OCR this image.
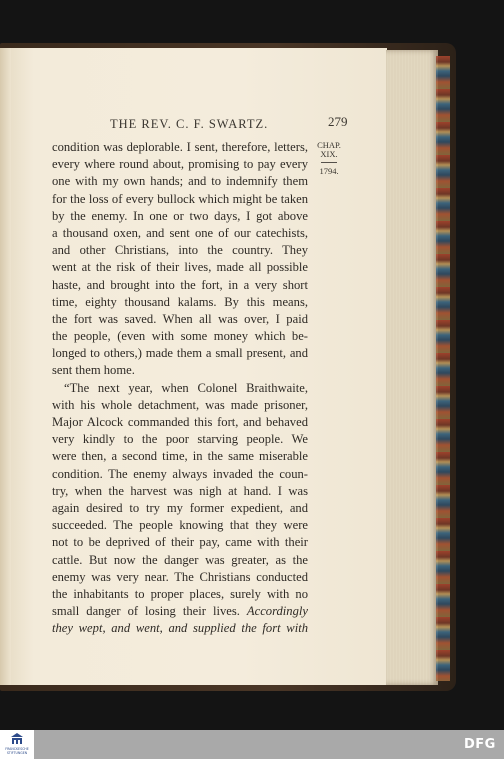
THE REV. C. F. SWARTZ.	279
CHAP.
XIX.
1794.
condition was deplorable. I sent, therefore, letters,
every where round about, promising to pay every
one with my own hands; and to indemnify them
for the loss of every bullock which might be taken
by the enemy. In one or two days, I got above
a thousand oxen, and sent one of our catechists,
and other Christians, into the country. They
went at the risk of their lives, made all possible
haste, and brought into the fort, in a very short
time, eighty thousand kalams. By this means,
the fort was saved. When all was over, I paid
the people, (even with some money which be-
longed to others,) made them a small present, and
sent them home.
“The next year, when Colonel Braithwaite,
with his whole detachment, was made prisoner,
Major Alcock commanded this fort, and behaved
very kindly to the poor starving people. We
were then, a second time, in the same miserable
condition. The enemy always invaded the coun-
try, when the harvest was nigh at hand. I was
again desired to try my former expedient, and
succeeded. The people knowing that they were
not to be deprived of their pay, came with their
cattle. But now the danger was greater, as the
enemy was very near. The Christians conducted
the inhabitants to proper places, surely with no
small danger of losing their lives. Accordingly
they wept, and went, and supplied the fort with
FRANCKESCHE STIFTUNGEN
DFG
